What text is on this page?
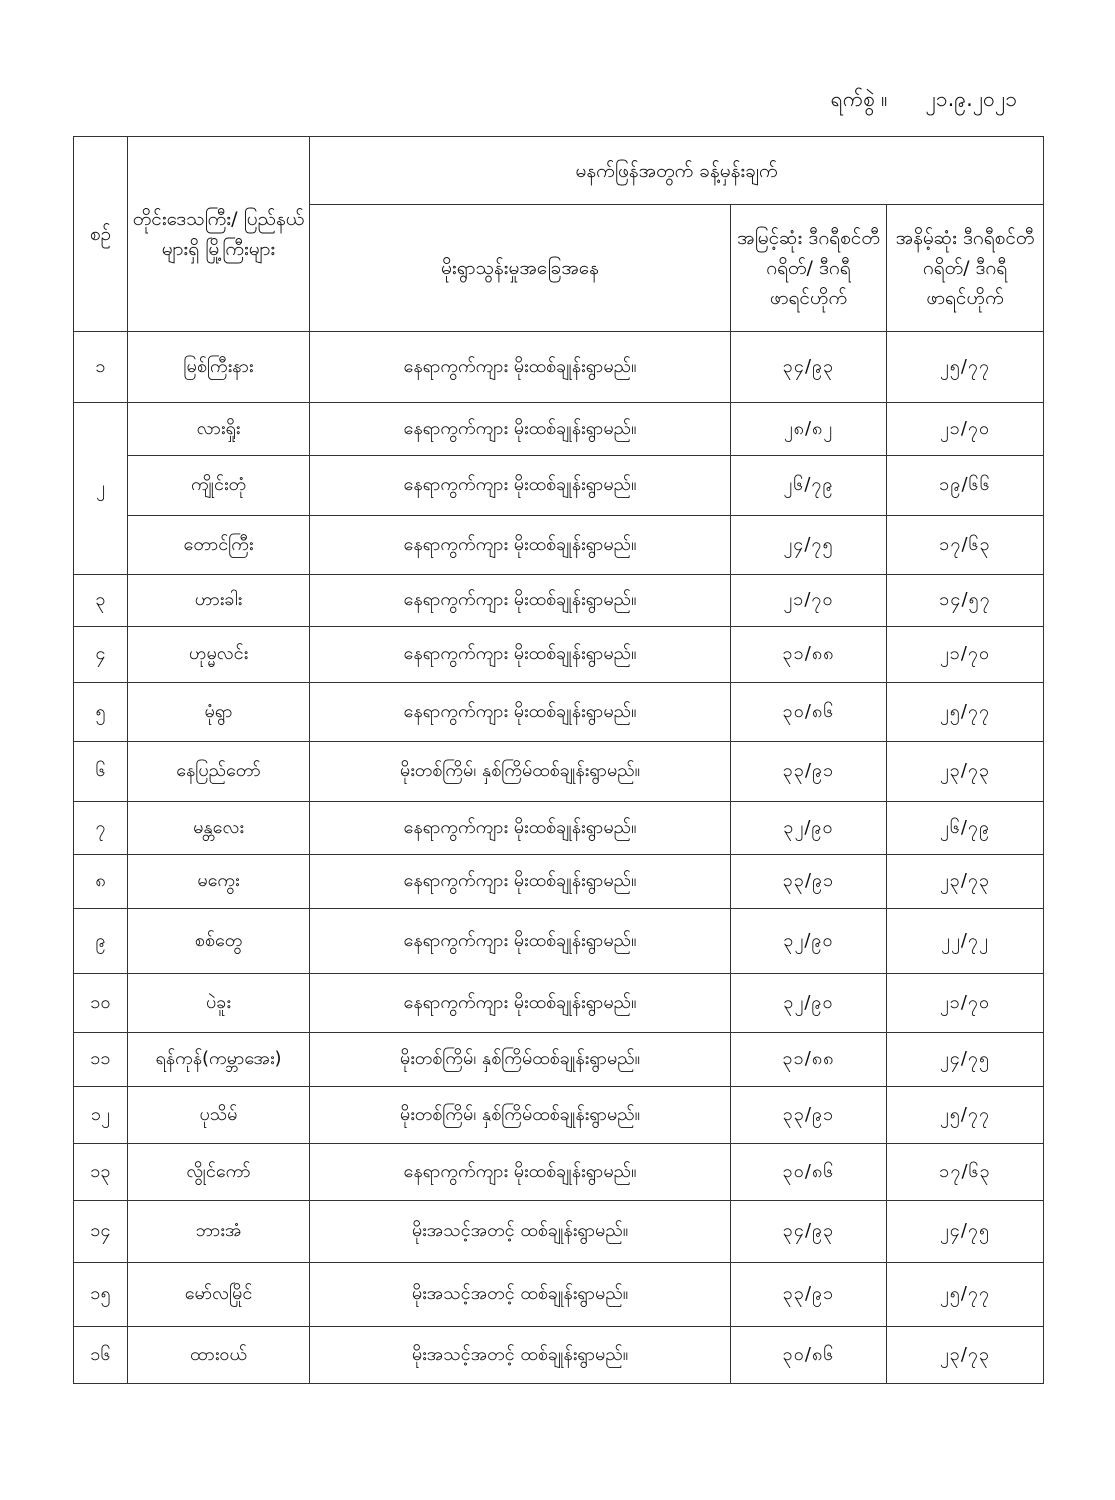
ရက်စွဲ ။ ၂၁.၉.၂၀၂၁
စဉ်	တိုင်းဒေသကြီး/ ပြည်နယ်များရှိ မြို့ကြီးများ	မနက်ဖြန်အတွက် ခန့်မှန်းချက်		
		မိုးရွာသွန်းမှုအခြေအနေ	အမြင့်ဆုံး ဒီဂရီစင်တီဂရိတ်/ ဒီဂရီဖာရင်ဟိုက်	အနိမ့်ဆုံး ဒီဂရီစင်တီဂရိတ်/ ဒီဂရီဖာရင်ဟိုက်
၁	မြစ်ကြီးနား	နေရာကွက်ကျား မိုးထစ်ချုန်းရွာမည်။	၃၄/၉၃	၂၅/၇၇
၂	လားရှိုး	နေရာကွက်ကျား မိုးထစ်ချုန်းရွာမည်။	၂၈/၈၂	၂၁/၇၀
	ကျိုင်းတုံ	နေရာကွက်ကျား မိုးထစ်ချုန်းရွာမည်။	၂၆/၇၉	၁၉/၆၆
	တောင်ကြီး	နေရာကွက်ကျား မိုးထစ်ချုန်းရွာမည်။	၂၄/၇၅	၁၇/၆၃
၃	ဟားခါး	နေရာကွက်ကျား မိုးထစ်ချုန်းရွာမည်။	၂၁/၇၀	၁၄/၅၇
၄	ဟုမ္မလင်း	နေရာကွက်ကျား မိုးထစ်ချုန်းရွာမည်။	၃၁/၈၈	၂၁/၇၀
၅	မုံရွာ	နေရာကွက်ကျား မိုးထစ်ချုန်းရွာမည်။	၃၀/၈၆	၂၅/၇၇
၆	နေပြည်တော်	မိုးတစ်ကြိမ်၊ နှစ်ကြိမ်ထစ်ချုန်းရွာမည်။	၃၃/၉၁	၂၃/၇၃
၇	မန္တလေး	နေရာကွက်ကျား မိုးထစ်ချုန်းရွာမည်။	၃၂/၉၀	၂၆/၇၉
၈	မကွေး	နေရာကွက်ကျား မိုးထစ်ချုန်းရွာမည်။	၃၃/၉၁	၂၃/၇၃
၉	စစ်တွေ	နေရာကွက်ကျား မိုးထစ်ချုန်းရွာမည်။	၃၂/၉၀	၂၂/၇၂
၁၀	ပဲခူး	နေရာကွက်ကျား မိုးထစ်ချုန်းရွာမည်။	၃၂/၉၀	၂၁/၇၀
၁၁	ရန်ကုန်(ကမ္ဘာအေး)	မိုးတစ်ကြိမ်၊ နှစ်ကြိမ်ထစ်ချုန်းရွာမည်။	၃၁/၈၈	၂၄/၇၅
၁၂	ပုသိမ်	မိုးတစ်ကြိမ်၊ နှစ်ကြိမ်ထစ်ချုန်းရွာမည်။	၃၃/၉၁	၂၅/၇၇
၁၃	လွိုင်ကော်	နေရာကွက်ကျား မိုးထစ်ချုန်းရွာမည်။	၃၀/၈၆	၁၇/၆၃
၁၄	ဘားအံ	မိုးအသင့်အတင့် ထစ်ချုန်းရွာမည်။	၃၄/၉၃	၂၄/၇၅
၁၅	မော်လမြိုင်	မိုးအသင့်အတင့် ထစ်ချုန်းရွာမည်။	၃၃/၉၁	၂၅/၇၇
၁၆	ထားဝယ်	မိုးအသင့်အတင့် ထစ်ချုန်းရွာမည်။	၃၀/၈၆	၂၃/၇၃
